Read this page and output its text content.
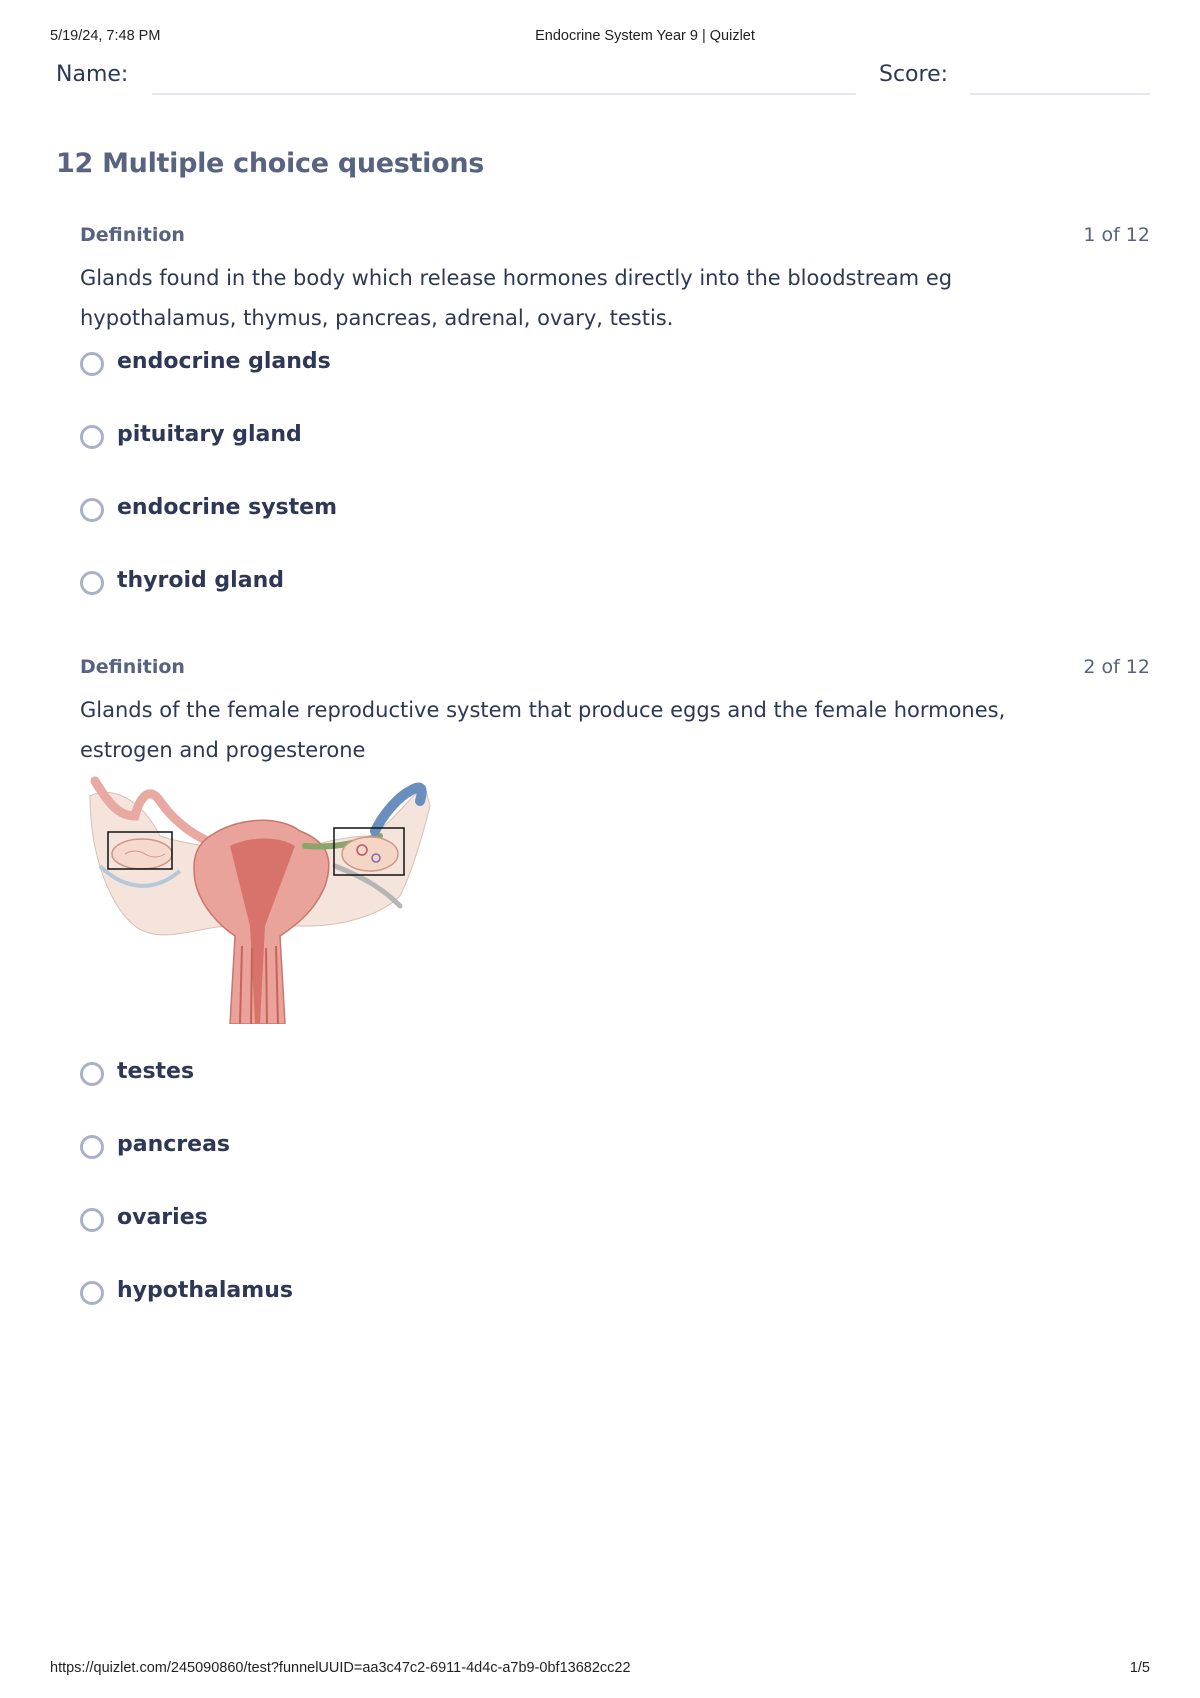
5/19/24, 7:48 PM	Endocrine System Year 9 | Quizlet
Name:	Score:
12 Multiple choice questions
Definition	1 of 12
Glands found in the body which release hormones directly into the bloodstream eg
hypothalamus, thymus, pancreas, adrenal, ovary, testis.
endocrine glands
pituitary gland
endocrine system
thyroid gland
Definition	2 of 12
Glands of the female reproductive system that produce eggs and the female hormones,
estrogen and progesterone
testes
pancreas
ovaries
hypothalamus
https://quizlet.com/245090860/test?funnelUUID=aa3c47c2-6911-4d4c-a7b9-0bf13682cc22	1/5
